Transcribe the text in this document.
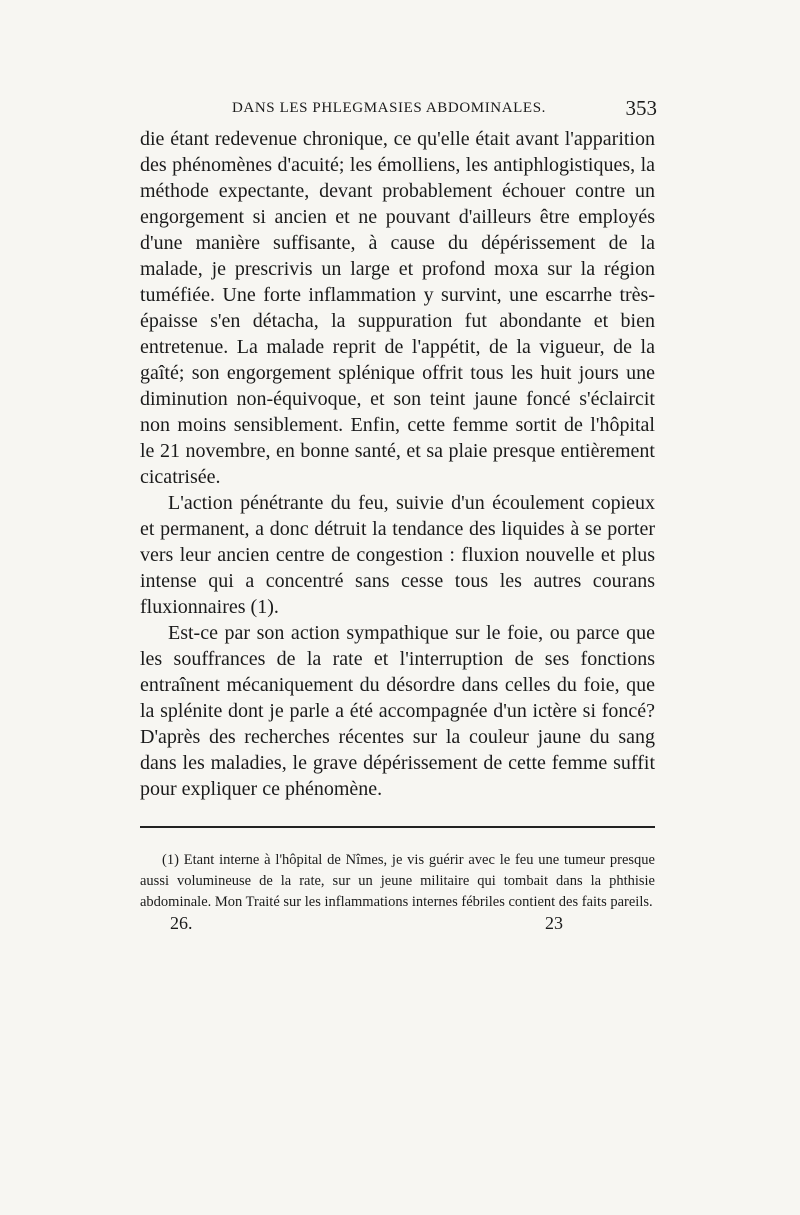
DANS LES PHLEGMASIES ABDOMINALES.	353

die étant redevenue chronique, ce qu'elle était avant l'apparition des phénomènes d'acuité; les émolliens, les antiphlogistiques, la méthode expectante, devant probablement échouer contre un engorgement si ancien et ne pouvant d'ailleurs être employés d'une manière suffisante, à cause du dépérissement de la malade, je prescrivis un large et profond moxa sur la région tuméfiée. Une forte inflammation y survint, une escarrhe très-épaisse s'en détacha, la suppuration fut abondante et bien entretenue. La malade reprit de l'appétit, de la vigueur, de la gaîté; son engorgement splénique offrit tous les huit jours une diminution non-équivoque, et son teint jaune foncé s'éclaircit non moins sensiblement. Enfin, cette femme sortit de l'hôpital le 21 novembre, en bonne santé, et sa plaie presque entièrement cicatrisée.

L'action pénétrante du feu, suivie d'un écoulement copieux et permanent, a donc détruit la tendance des liquides à se porter vers leur ancien centre de congestion : fluxion nouvelle et plus intense qui a concentré sans cesse tous les autres courans fluxionnaires (1).

Est-ce par son action sympathique sur le foie, ou parce que les souffrances de la rate et l'interruption de ses fonctions entraînent mécaniquement du désordre dans celles du foie, que la splénite dont je parle a été accompagnée d'un ictère si foncé? D'après des recherches récentes sur la couleur jaune du sang dans les maladies, le grave dépérissement de cette femme suffit pour expliquer ce phénomène.

(1) Etant interne à l'hôpital de Nîmes, je vis guérir avec le feu une tumeur presque aussi volumineuse de la rate, sur un jeune militaire qui tombait dans la phthisie abdominale. Mon Traité sur les inflammations internes fébriles contient des faits pareils.

26.	23
